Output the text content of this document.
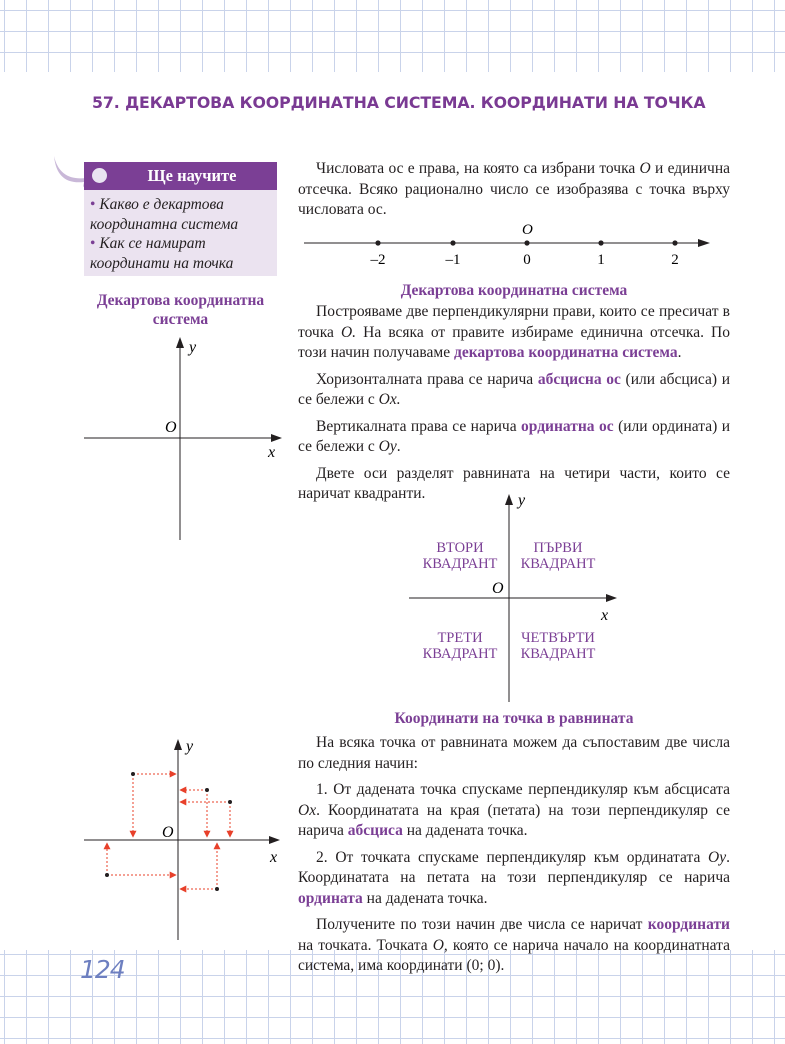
57. ДЕКАРТОВА КООРДИНАТНА СИСТЕМА. КООРДИНАТИ НА ТОЧКА
Ще научите
• Какво е декартова координатна система
• Как се намират координати на точка
Декартова координатна система
y
x
O

Числовата ос е права, на която са избрани точка O и единична отсечка. Всяко рационално число се изобразява с точка върху числовата ос.

O
–2	–1	0	1	2
Декартова координатна система

Построяваме две перпендикулярни прави, които се пресичат в точка O. На всяка от правите избираме единична отсечка. По този начин получаваме декартова координатна система.

Хоризонталната права се нарича абсцисна ос (или абсциса) и се бележи с Ox.

Вертикалната права се нарича ординатна ос (или ордината) и се бележи с Oy.

Двете оси разделят равнината на четири части, които се наричат квадранти.	y
x
O
ВТОРИ
КВАДРАНТ
ПЪРВИ
КВАДРАНТ
ТРЕТИ
КВАДРАНТ
ЧЕТВЪРТИ
КВАДРАНТ
Координати на точка в равнината

На всяка точка от равнината можем да съпоставим две числа по следния начин:

1. От дадената точка спускаме перпендикуляр към абсцисата Ox. Координатата на края (петата) на този перпендикуляр се нарича абсциса на дадената точка.

2. От точката спускаме перпендикуляр към ординатата Oy. Координатата на петата на този перпендикуляр се нарича ордината на дадената точка.

Получените по този начин две числа се наричат координати на точката. Точката O, която се нарича начало на координатната система, има координати (0; 0).

y
x
O
124
